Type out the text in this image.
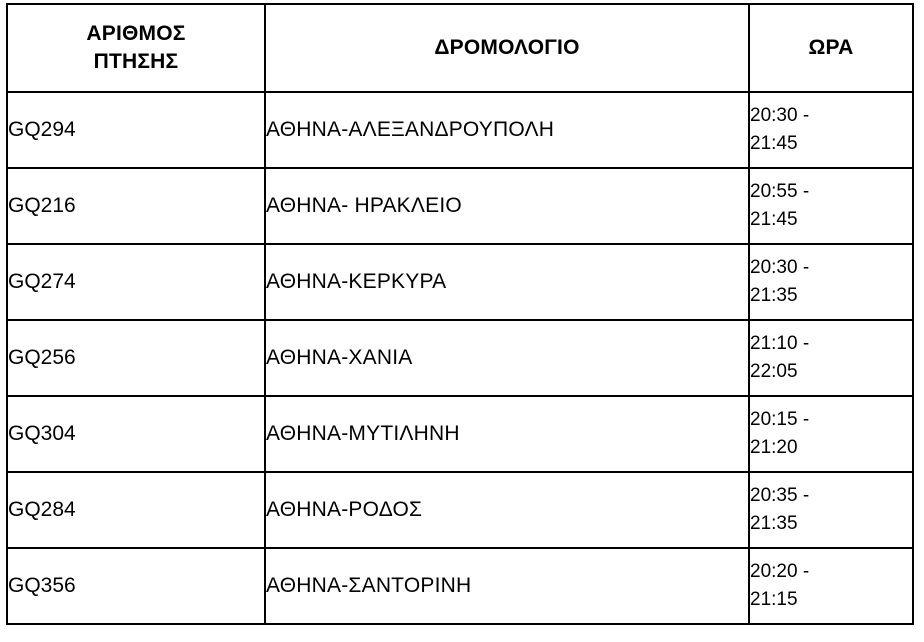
ΑΡΙΘΜΟΣ
ΠΤΗΣΗΣ	ΔΡΟΜΟΛΟΓΙΟ	ΩΡΑ
GQ294	ΑΘΗΝΑ-ΑΛΕΞΑΝΔΡΟΥΠΟΛΗ	20:30 -
21:45

GQ216	ΑΘΗΝΑ- ΗΡΑΚΛΕΙΟ	20:55 -
21:45

GQ274	ΑΘΗΝΑ-ΚΕΡΚΥΡΑ	20:30 -
21:35

GQ256	ΑΘΗΝΑ-ΧΑΝΙΑ	21:10 -
22:05

GQ304	ΑΘΗΝΑ-ΜΥΤΙΛΗΝΗ	20:15 -
21:20

GQ284	ΑΘΗΝΑ-ΡΟΔΟΣ	20:35 -
21:35

GQ356	ΑΘΗΝΑ-ΣΑΝΤΟΡΙΝΗ	20:20 -
21:15
